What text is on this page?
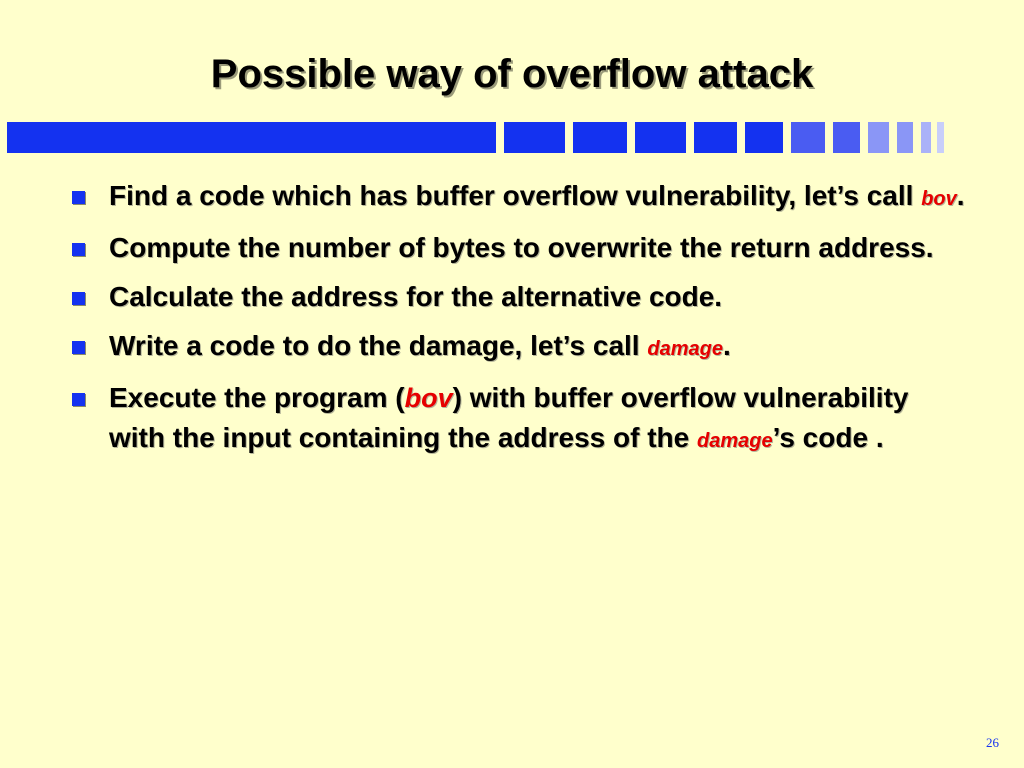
Possible way of overflow attack
Find a code which has buffer overflow vulnerability, let’s call bov.
Compute the number of bytes to overwrite the return address.
Calculate the address for the alternative code.
Write a code to do the damage, let’s call damage.
Execute the program (bov) with buffer overflow vulnerability with the input containing the address of the damage’s code .
26
